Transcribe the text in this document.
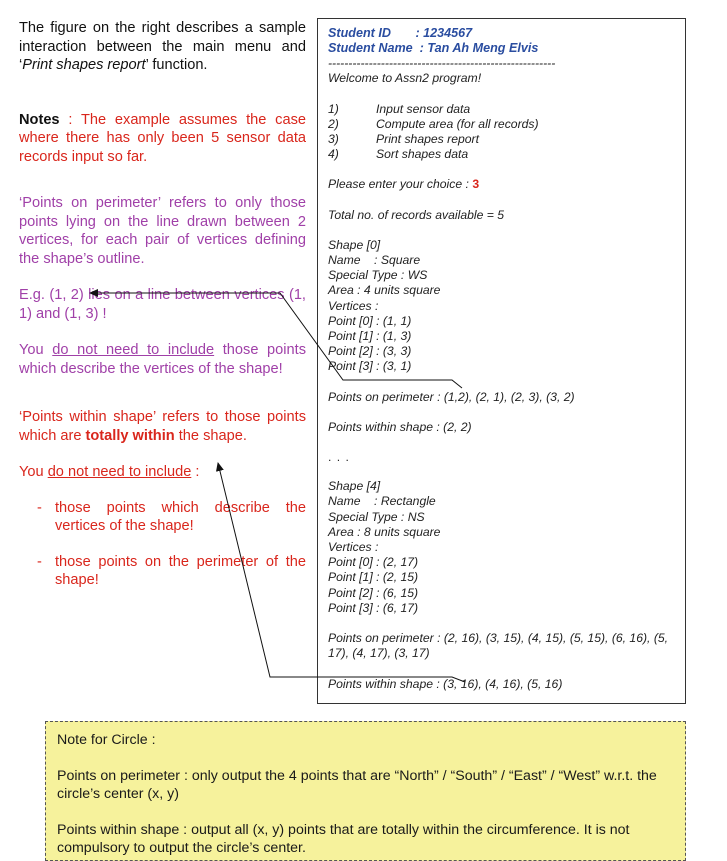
The figure on the right describes a sample interaction between the main menu and ‘Print shapes report’ function.

Notes : The example assumes the case where there has only been 5 sensor data records input so far.

‘Points on perimeter’ refers to only those points lying on the line drawn between 2 vertices, for each pair of vertices defining the shape’s outline.

E.g. (1, 2) lies on a line between vertices (1, 1) and (1, 3) !

You do not need to include those points which describe the vertices of the shape!

‘Points within shape’ refers to those points which are totally within the shape.

You do not need to include :

- those points which describe the vertices of the shape!
- those points on the perimeter of the shape!

Student ID       : 1234567

Student Name  : Tan Ah Meng Elvis

--------------------------------------------------------

Welcome to Assn2 program!

1)	Input sensor data
2)	Compute area (for all records)
3)	Print shapes report
4)	Sort shapes data

Please enter your choice : 3

Total no. of records available = 5

Shape [0]

Name    : Square

Special Type : WS

Area : 4 units square

Vertices :

Point [0] : (1, 1)

Point [1] : (1, 3)

Point [2] : (3, 3)

Point [3] : (3, 1)

Points on perimeter : (1,2), (2, 1), (2, 3), (3, 2)

Points within shape : (2, 2)

. . .

Shape [4]

Name    : Rectangle

Special Type : NS

Area : 8 units square

Vertices :

Point [0] : (2, 17)

Point [1] : (2, 15)

Point [2] : (6, 15)

Point [3] : (6, 17)

Points on perimeter : (2, 16), (3, 15), (4, 15), (5, 15), (6, 16), (5, 17), (4, 17), (3, 17)

Points within shape : (3, 16), (4, 16), (5, 16)

Note for Circle :

Points on perimeter : only output the 4 points that are “North” / “South” / “East” / “West” w.r.t. the circle’s center (x, y)

Points within shape : output all (x, y) points that are totally within the circumference. It is not compulsory to output the circle’s center.
